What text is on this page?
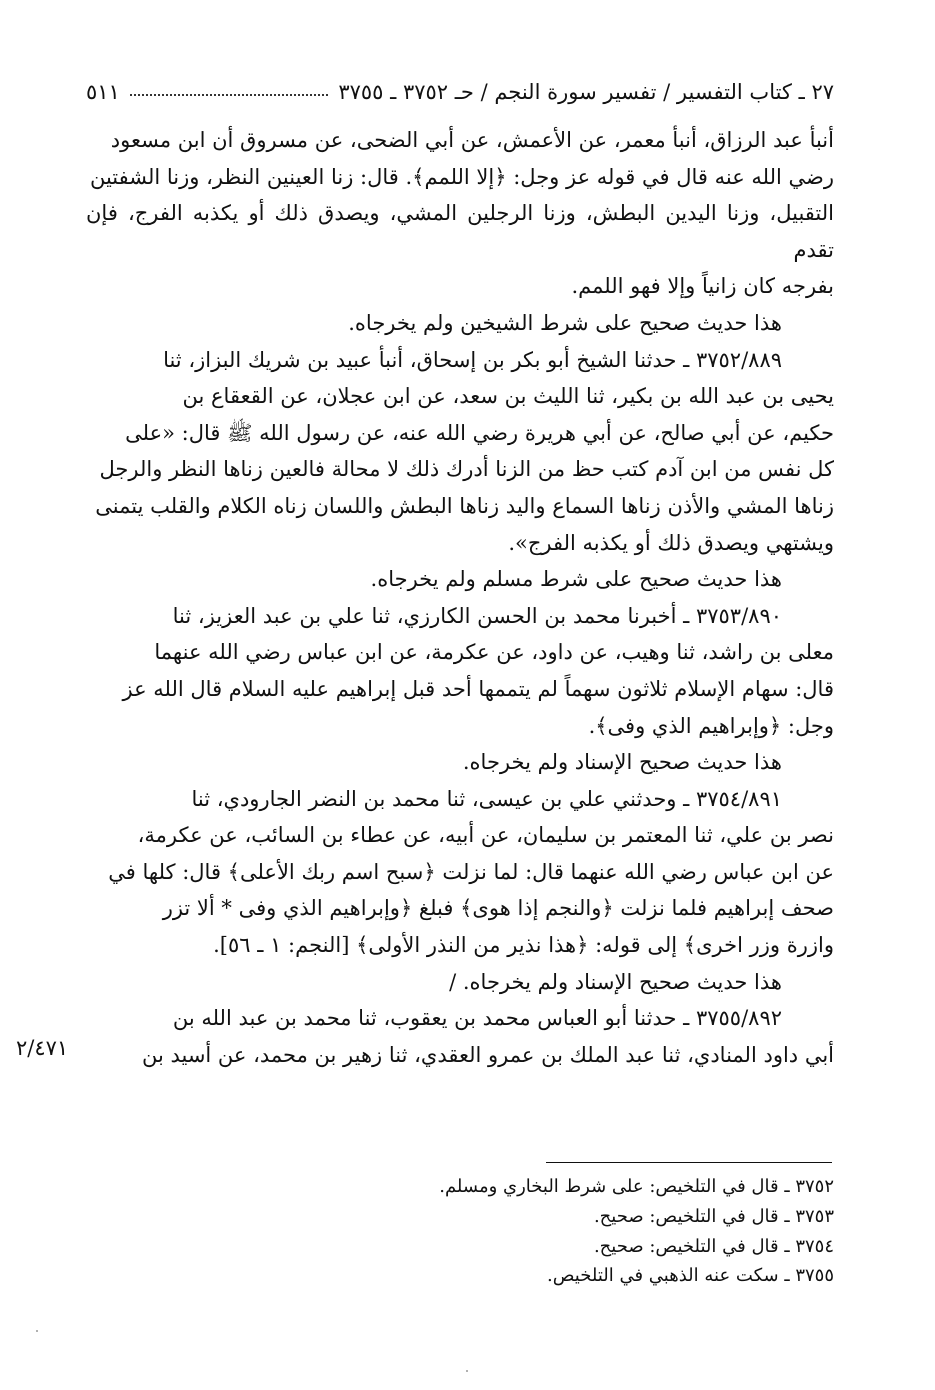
٢٧ ـ كتاب التفسير / تفسير سورة النجم / حـ ٣٧٥٢ ـ ٣٧٥٥
٥١١

أنبأ عبد الرزاق، أنبأ معمر، عن الأعمش، عن أبي الضحى، عن مسروق أن ابن مسعود

رضي الله عنه قال في قوله عز وجل: ﴿إلا اللمم﴾. قال: زنا العينين النظر، وزنا الشفتين

التقبيل، وزنا اليدين البطش، وزنا الرجلين المشي، ويصدق ذلك أو يكذبه الفرج، فإن تقدم

بفرجه كان زانياً وإلا فهو اللمم.

هذا حديث صحيح على شرط الشيخين ولم يخرجاه.

٣٧٥٢/٨٨٩ ـ حدثنا الشيخ أبو بكر بن إسحاق، أنبأ عبيد بن شريك البزاز، ثنا

يحيى بن عبد الله بن بكير، ثنا الليث بن سعد، عن ابن عجلان، عن القعقاع بن

حكيم، عن أبي صالح، عن أبي هريرة رضي الله عنه، عن رسول الله ﷺ قال: «على

كل نفس من ابن آدم كتب حظ من الزنا أدرك ذلك لا محالة فالعين زناها النظر والرجل

زناها المشي والأذن زناها السماع واليد زناها البطش واللسان زناه الكلام والقلب يتمنى

ويشتهي ويصدق ذلك أو يكذبه الفرج».

هذا حديث صحيح على شرط مسلم ولم يخرجاه.

٣٧٥٣/٨٩٠ ـ أخبرنا محمد بن الحسن الكارزي، ثنا علي بن عبد العزيز، ثنا

معلى بن راشد، ثنا وهيب، عن داود، عن عكرمة، عن ابن عباس رضي الله عنهما

قال: سهام الإسلام ثلاثون سهماً لم يتممها أحد قبل إبراهيم عليه السلام قال الله عز

وجل: ﴿وإبراهيم الذي وفى﴾.

هذا حديث صحيح الإسناد ولم يخرجاه.

٣٧٥٤/٨٩١ ـ وحدثني علي بن عيسى، ثنا محمد بن النضر الجارودي، ثنا

نصر بن علي، ثنا المعتمر بن سليمان، عن أبيه، عن عطاء بن السائب، عن عكرمة،

عن ابن عباس رضي الله عنهما قال: لما نزلت ﴿سبح اسم ربك الأعلى﴾ قال: كلها في

صحف إبراهيم فلما نزلت ﴿والنجم إذا هوى﴾ فبلغ ﴿وإبراهيم الذي وفى * ألا تزر

وازرة وزر اخرى﴾ إلى قوله: ﴿هذا نذير من النذر الأولى﴾ [النجم: ١ ـ ٥٦].

هذا حديث صحيح الإسناد ولم يخرجاه. /

٣٧٥٥/٨٩٢ ـ حدثنا أبو العباس محمد بن يعقوب، ثنا محمد بن عبد الله بن

أبي داود المنادي، ثنا عبد الملك بن عمرو العقدي، ثنا زهير بن محمد، عن أسيد بن

٢/٤٧١

٣٧٥٢ ـ قال في التلخيص: على شرط البخاري ومسلم.

٣٧٥٣ ـ قال في التلخيص: صحيح.

٣٧٥٤ ـ قال في التلخيص: صحيح.

٣٧٥٥ ـ سكت عنه الذهبي في التلخيص.
